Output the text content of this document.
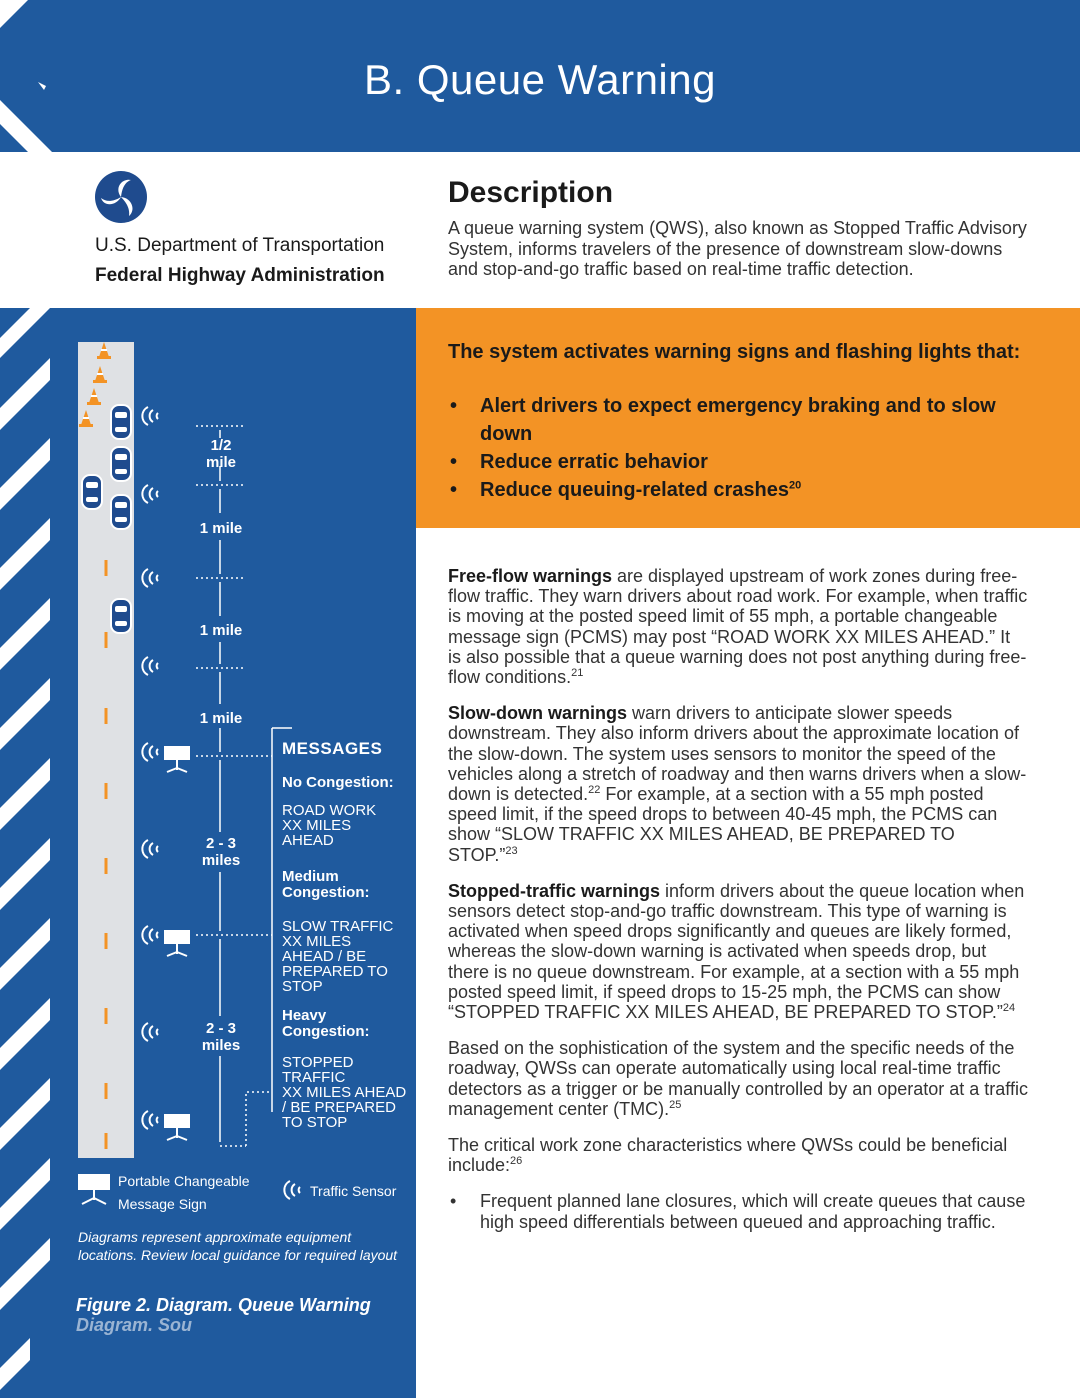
B. Queue Warning
U.S. Department of Transportation
Federal Highway Administration
Description
A queue warning system (QWS), also known as Stopped Traffic Advisory System, informs travelers of the presence of downstream slow-downs and stop-and-go traffic based on real-time traffic detection.
The system activates warning signs and flashing lights that:
• Alert drivers to expect emergency braking and to slow down
• Reduce erratic behavior
• Reduce queuing-related crashes$^{20}$

Free-flow warnings are displayed upstream of work zones during free-flow traffic. They warn drivers about road work. For example, when traffic is moving at the posted speed limit of 55 mph, a portable changeable message sign (PCMS) may post “ROAD WORK XX MILES AHEAD.” It is also possible that a queue warning does not post anything during free-flow conditions.$^{21}$

Slow-down warnings warn drivers to anticipate slower speeds downstream. They also inform drivers about the approximate location of the slow-down. The system uses sensors to monitor the speed of the vehicles along a stretch of roadway and then warns drivers when a slow-down is detected.$^{22}$ For example, at a section with a 55 mph posted speed limit, if the speed drops to between 40-45 mph, the PCMS can show “SLOW TRAFFIC XX MILES AHEAD, BE PREPARED TO STOP.”$^{23}$

Stopped-traffic warnings inform drivers about the queue location when sensors detect stop-and-go traffic downstream. This type of warning is activated when speed drops significantly and queues are likely formed, whereas the slow-down warning is activated when speeds drop, but there is no queue downstream. For example, at a section with a 55 mph posted speed limit, if speed drops to 15-25 mph, the PCMS can show “STOPPED TRAFFIC XX MILES AHEAD, BE PREPARED TO STOP.”$^{24}$

Based on the sophistication of the system and the specific needs of the roadway, QWSs can operate automatically using local real-time traffic detectors as a trigger or be manually controlled by an operator at a traffic management center (TMC).$^{25}$

The critical work zone characteristics where QWSs could be beneficial include:$^{26}$

• Frequent planned lane closures, which will create queues that cause high speed differentials between queued and approaching traffic.
1/2
mile
1 mile
1 mile
1 mile
2 - 3
miles
2 - 3
miles
MESSAGES
No Congestion:
ROAD WORK
XX MILES
AHEAD
Medium
Congestion:
SLOW TRAFFIC
XX MILES
AHEAD / BE
PREPARED TO
STOP
Heavy
Congestion:
STOPPED TRAFFIC
XX MILES AHEAD
/ BE PREPARED
TO STOP
Portable Changeable
Message Sign
Traffic Sensor
Diagrams represent approximate equipment locations. Review local guidance for required layout
Figure 2. Diagram. Queue Warning
Diagram. Sou
